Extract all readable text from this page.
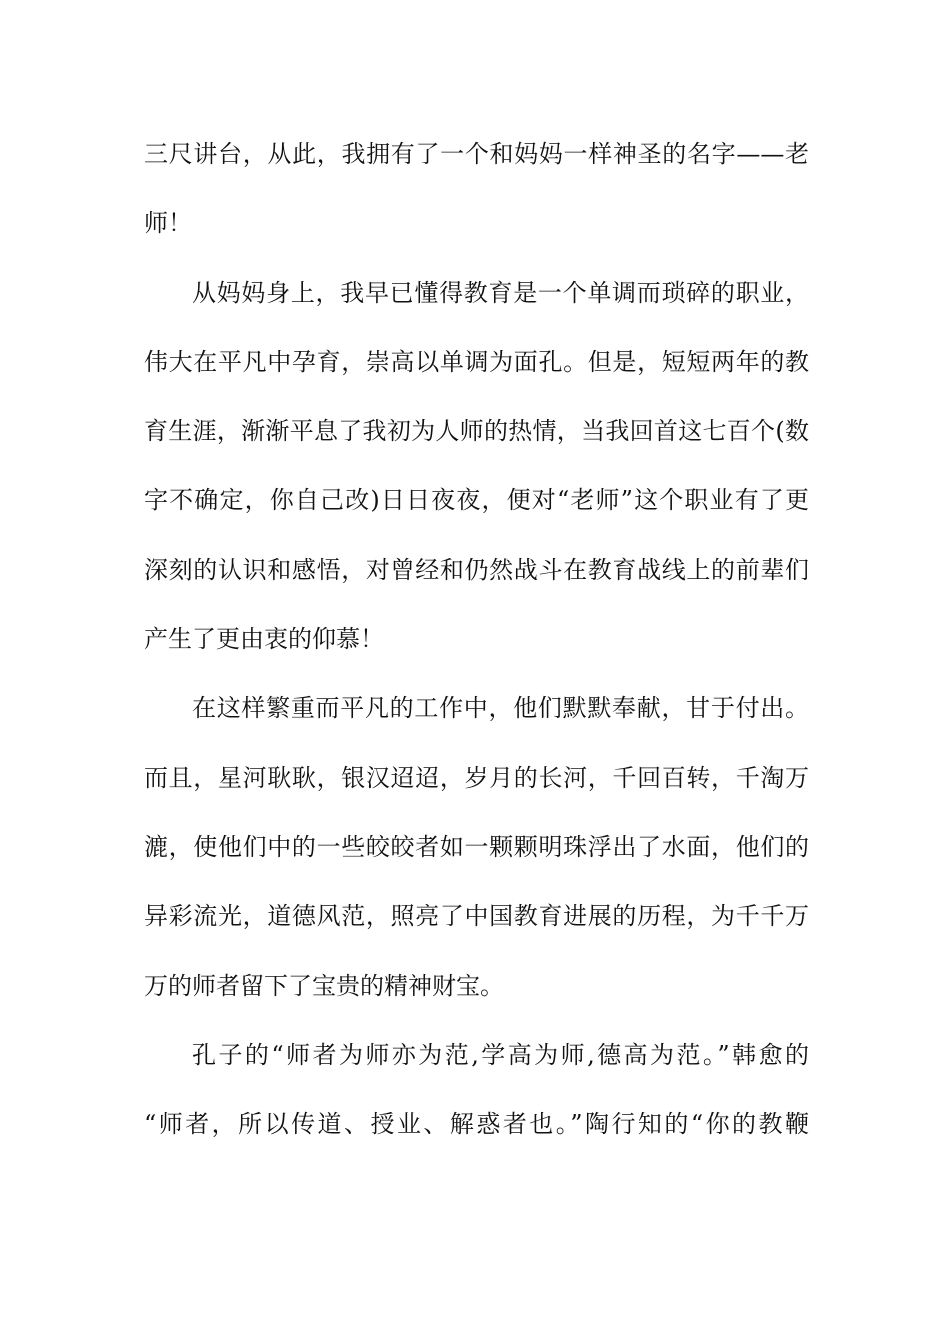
三尺讲台，从此，我拥有了一个和妈妈一样神圣的名字——老
师！
从妈妈身上，我早已懂得教育是一个单调而琐碎的职业，
伟大在平凡中孕育，崇高以单调为面孔。但是，短短两年的教
育生涯，渐渐平息了我初为人师的热情，当我回首这七百个(数
字不确定，你自己改)日日夜夜，便对“老师”这个职业有了更
深刻的认识和感悟，对曾经和仍然战斗在教育战线上的前辈们
产生了更由衷的仰慕！
在这样繁重而平凡的工作中，他们默默奉献，甘于付出。
而且，星河耿耿，银汉迢迢，岁月的长河，千回百转，千淘万
漉，使他们中的一些皎皎者如一颗颗明珠浮出了水面，他们的
异彩流光，道德风范，照亮了中国教育进展的历程，为千千万
万的师者留下了宝贵的精神财宝。
孔子的“师者为师亦为范,学高为师,德高为范。”韩愈的
“师者，所以传道、授业、解惑者也。”陶行知的“你的教鞭
